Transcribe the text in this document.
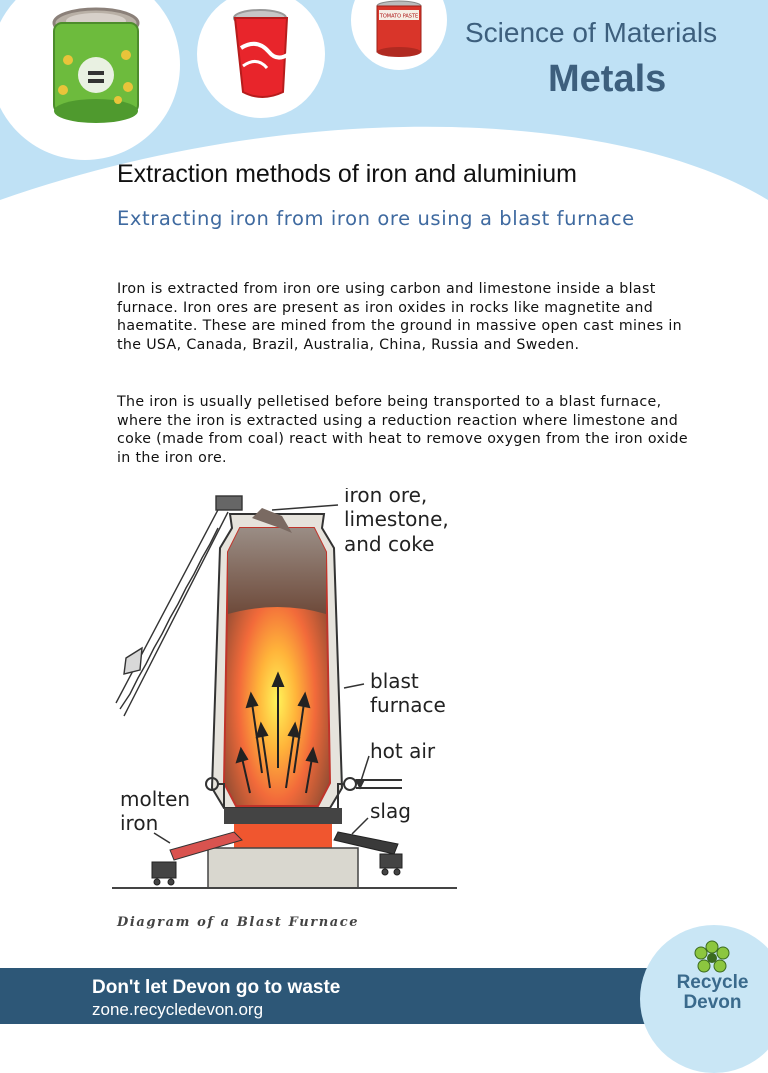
TOMATO PASTE
Science of Materials
Metals
Extraction methods of iron and aluminium
Extracting iron from iron ore using a blast furnace
Iron is extracted from iron ore using carbon and limestone inside a blast furnace. Iron ores are present as iron oxides in rocks like magnetite and haematite. These are mined from the ground in massive open cast mines in the USA, Canada, Brazil, Australia, China, Russia and Sweden.
The iron is usually pelletised before being transported to a blast furnace, where the iron is extracted using a reduction reaction where limestone and coke (made from coal) react with heat to remove oxygen from the iron oxide in the iron ore.
iron ore,
limestone,
and coke
blast
furnace
hot air
slag
molten
iron
Diagram of a Blast Furnace
Don't let Devon go to waste
zone.recycledevon.org
Recycle
Devon
